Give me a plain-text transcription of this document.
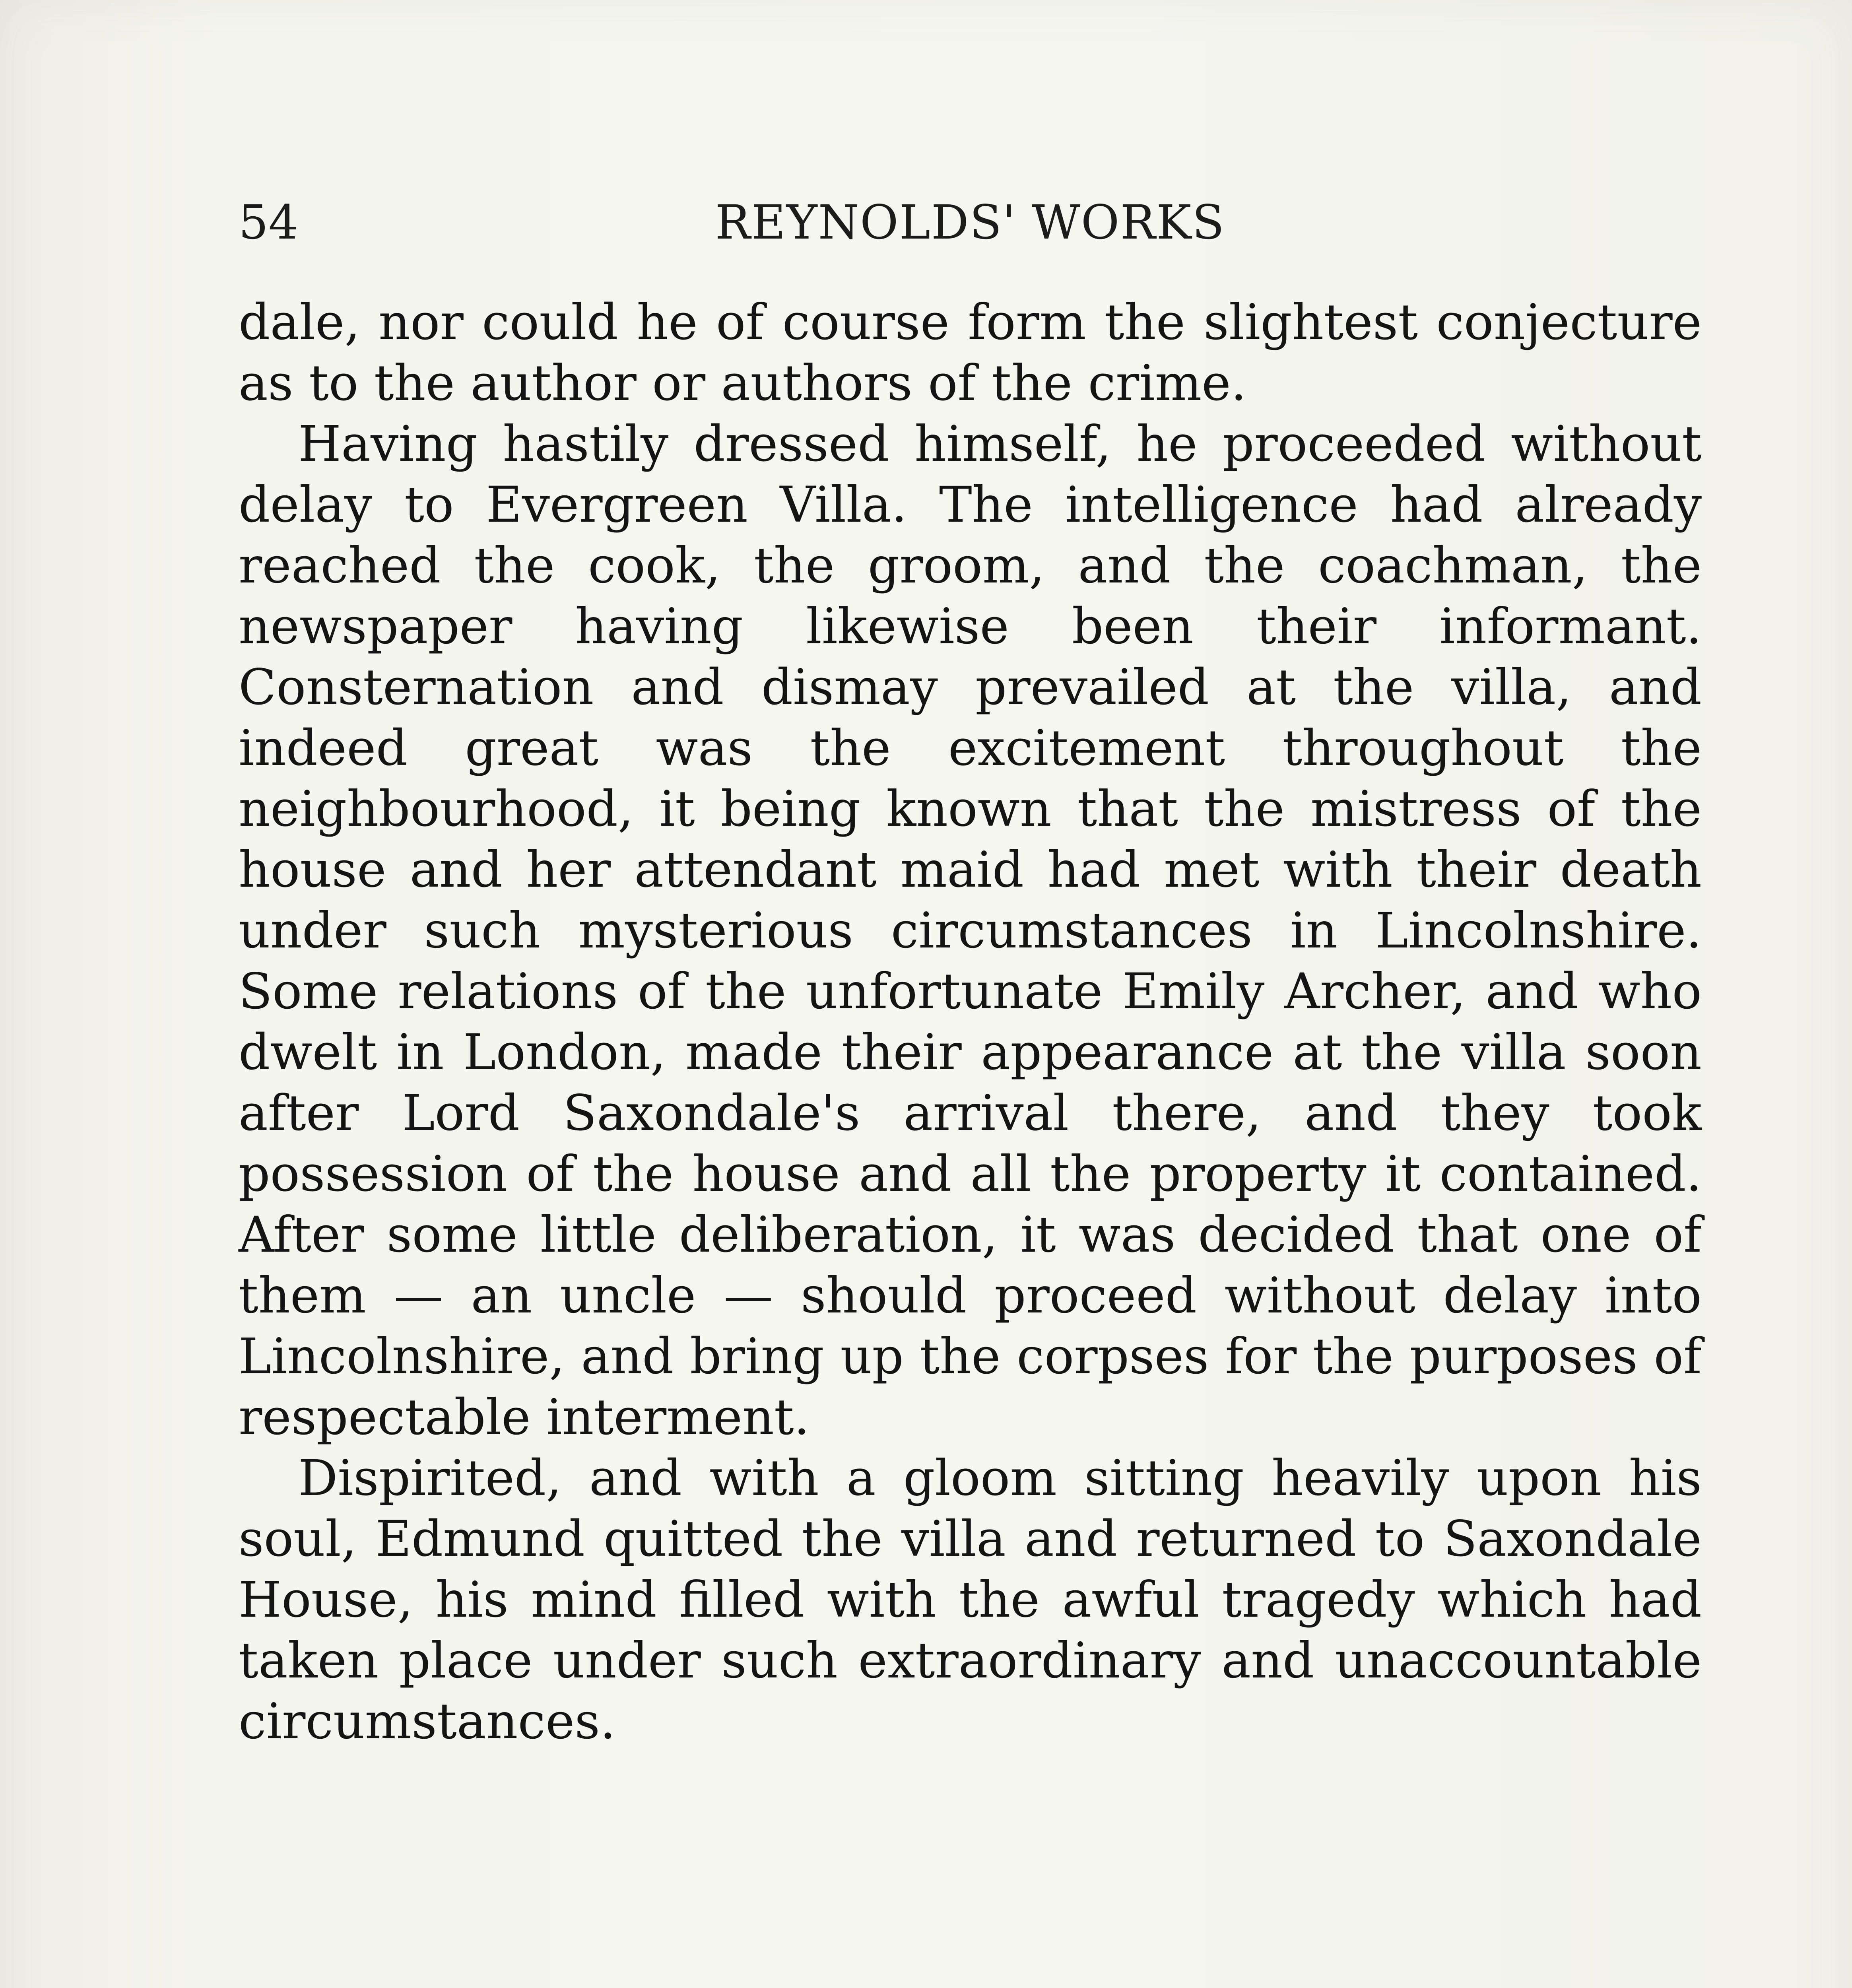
54	REYNOLDS' WORKS

dale, nor could he of course form the slightest conjecture as to the author or authors of the crime.

Having hastily dressed himself, he proceeded without delay to Evergreen Villa. The intelligence had already reached the cook, the groom, and the coachman, the newspaper having likewise been their informant. Consternation and dismay prevailed at the villa, and indeed great was the excitement throughout the neighbourhood, it being known that the mistress of the house and her attendant maid had met with their death under such mysterious circumstances in Lincolnshire. Some relations of the unfortunate Emily Archer, and who dwelt in London, made their appearance at the villa soon after Lord Saxondale's arrival there, and they took possession of the house and all the property it contained. After some little deliberation, it was decided that one of them — an uncle — should proceed without delay into Lincolnshire, and bring up the corpses for the purposes of respectable interment.

Dispirited, and with a gloom sitting heavily upon his soul, Edmund quitted the villa and returned to Saxondale House, his mind filled with the awful tragedy which had taken place under such extraordinary and unaccountable circumstances.
